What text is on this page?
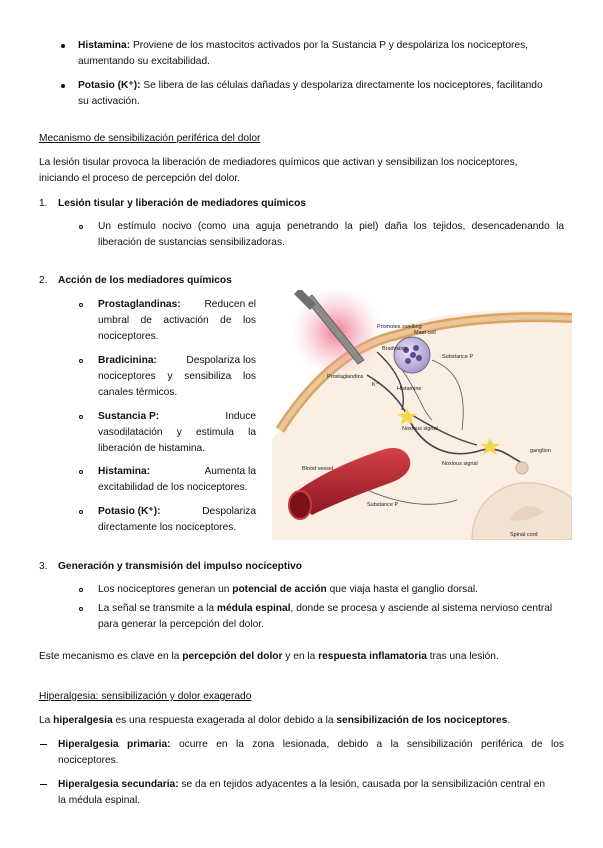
Histamina: Proviene de los mastocitos activados por la Sustancia P y despolariza los nociceptores,

aumentando su excitabilidad.

Potasio (K⁺): Se libera de las células dañadas y despolariza directamente los nociceptores, facilitando

su activación.

Mecanismo de sensibilización periférica del dolor

La lesión tisular provoca la liberación de mediadores químicos que activan y sensibilizan los nociceptores,

iniciando el proceso de percepción del dolor.

1. Lesión tisular y liberación de mediadores químicos

Un estímulo nocivo (como una aguja penetrando la piel) daña los tejidos, desencadenando la

liberación de sustancias sensibilizadoras.

2. Acción de los mediadores químicos

Prostaglandinas: Reducen el

umbral de activación de los

nociceptores.

Bradicinina:	Despolariza los

nociceptores y sensibiliza los

canales térmicos.

Sustancia P:	Induce

vasodilatación y estimula la

liberación de histamina.

Histamina:	Aumenta la

excitabilidad de los nociceptores.

Potasio (K⁺):	Despolariza

directamente los nociceptores.

Promotes swelling
Bradykinin
Mast cell
Substance P
Prostaglandins
K⁺
Histamine
Noxious signal
Noxious signal
ganglion
Blood vessel
Substance P
Spinal cord

3. Generación y transmisión del impulso nociceptivo

Los nociceptores generan un potencial de acción que viaja hasta el ganglio dorsal.

La señal se transmite a la médula espinal, donde se procesa y asciende al sistema nervioso central

para generar la percepción del dolor.

Este mecanismo es clave en la percepción del dolor y en la respuesta inflamatoria tras una lesión.

Hiperalgesia: sensibilización y dolor exagerado

La hiperalgesia es una respuesta exagerada al dolor debido a la sensibilización de los nociceptores.

Hiperalgesia primaria: ocurre en la zona lesionada, debido a la sensibilización periférica de los

nociceptores.

Hiperalgesia secundaria: se da en tejidos adyacentes a la lesión, causada por la sensibilización central en

la médula espinal.
